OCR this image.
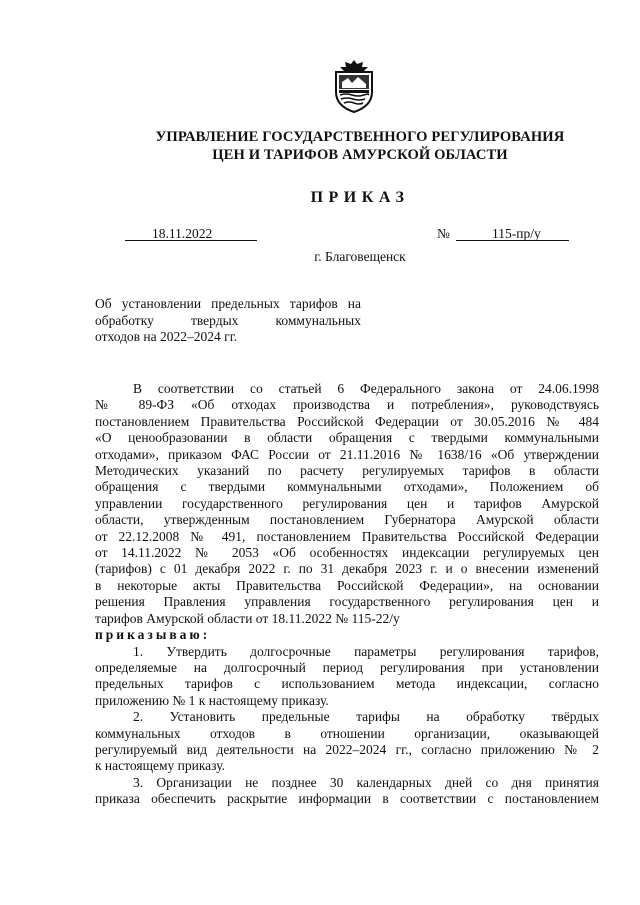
УПРАВЛЕНИЕ ГОСУДАРСТВЕННОГО РЕГУЛИРОВАНИЯ
ЦЕН И ТАРИФОВ АМУРСКОЙ ОБЛАСТИ
ПРИКАЗ
18.11.2022	№	115-пр/у
г. Благовещенск
Об установлении предельных тарифов на
обработку твердых коммунальных
отходов на 2022–2024 гг.
В соответствии со статьей 6 Федерального закона от 24.06.1998
№ 89-ФЗ «Об отходах производства и потребления», руководствуясь
постановлением Правительства Российской Федерации от 30.05.2016 № 484
«О ценообразовании в области обращения с твердыми коммунальными
отходами», приказом ФАС России от 21.11.2016 № 1638/16 «Об утверждении
Методических указаний по расчету регулируемых тарифов в области
обращения с твердыми коммунальными отходами», Положением об
управлении государственного регулирования цен и тарифов Амурской
области, утвержденным постановлением Губернатора Амурской области
от 22.12.2008 № 491, постановлением Правительства Российской Федерации
от 14.11.2022 № 2053 «Об особенностях индексации регулируемых цен
(тарифов) с 01 декабря 2022 г. по 31 декабря 2023 г. и о внесении изменений
в некоторые акты Правительства Российской Федерации», на основании
решения Правления управления государственного регулирования цен и
тарифов Амурской области от 18.11.2022 № 115-22/у
приказываю:
1. Утвердить долгосрочные параметры регулирования тарифов,
определяемые на долгосрочный период регулирования при установлении
предельных тарифов с использованием метода индексации, согласно
приложению № 1 к настоящему приказу.
2. Установить предельные тарифы на обработку твёрдых
коммунальных отходов в отношении организации, оказывающей
регулируемый вид деятельности на 2022–2024 гг., согласно приложению № 2
к настоящему приказу.
3. Организации не позднее 30 календарных дней со дня принятия
приказа обеспечить раскрытие информации в соответствии с постановлением
